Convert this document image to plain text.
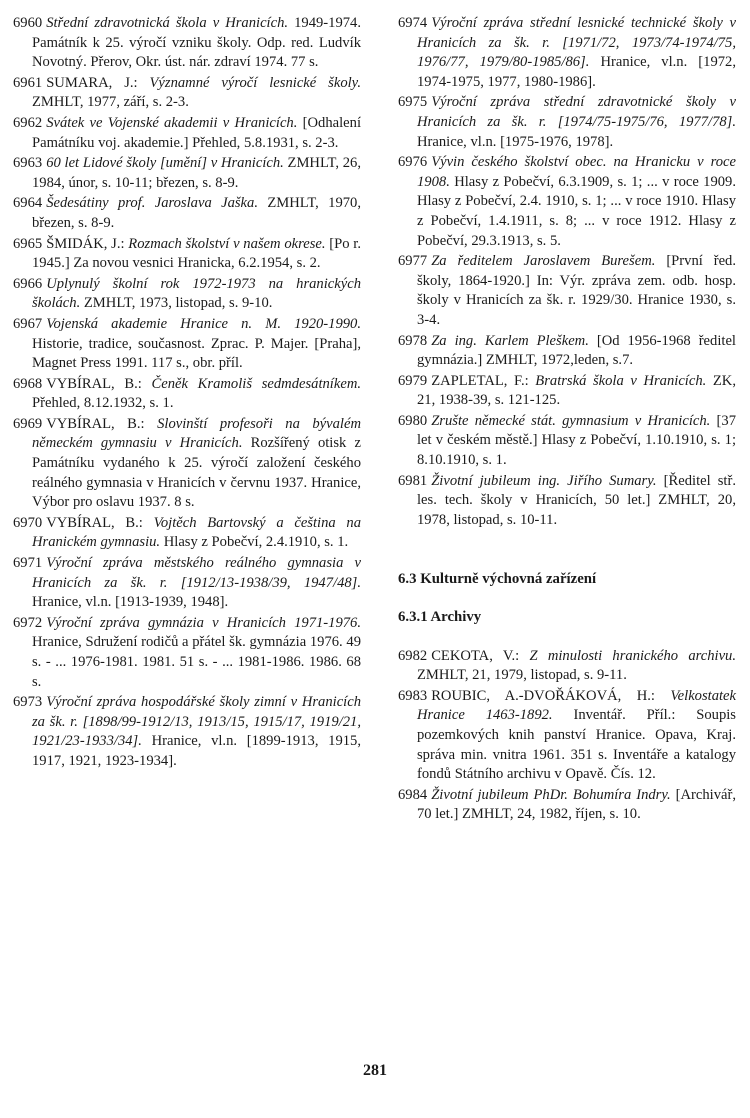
6960 Střední zdravotnická škola v Hranicích. 1949-1974. Památník k 25. výročí vzniku školy. Odp. red. Ludvík Novotný. Přerov, Okr. úst. nár. zdraví 1974. 77 s.

6961 SUMARA, J.: Významné výročí lesnické školy. ZMHLT, 1977, září, s. 2-3.

6962 Svátek ve Vojenské akademii v Hranicích. [Odhalení Památníku voj. akademie.] Přehled, 5.8.1931, s. 2-3.

6963 60 let Lidové školy [umění] v Hranicích. ZMHLT, 26, 1984, únor, s. 10-11; březen, s. 8-9.

6964 Šedesátiny prof. Jaroslava Jaška. ZMHLT, 1970, březen, s. 8-9.

6965 ŠMIDÁK, J.: Rozmach školství v našem okrese. [Po r. 1945.] Za novou vesnici Hranicka, 6.2.1954, s. 2.

6966 Uplynulý školní rok 1972-1973 na hranických školách. ZMHLT, 1973, listopad, s. 9-10.

6967 Vojenská akademie Hranice n. M. 1920-1990. Historie, tradice, současnost. Zprac. P. Majer. [Praha], Magnet Press 1991. 117 s., obr. příl.

6968 VYBÍRAL, B.: Čeněk Kramoliš sedmdesátníkem. Přehled, 8.12.1932, s. 1.

6969 VYBÍRAL, B.: Slovinští profesoři na bývalém německém gymnasiu v Hranicích. Rozšířený otisk z Památníku vydaného k 25. výročí založení českého reálného gymnasia v Hranicích v červnu 1937. Hranice, Výbor pro oslavu 1937. 8 s.

6970 VYBÍRAL, B.: Vojtěch Bartovský a čeština na Hranickém gymnasiu. Hlasy z Pobečví, 2.4.1910, s. 1.

6971 Výroční zpráva městského reálného gymnasia v Hranicích za šk. r. [1912/13-1938/39, 1947/48]. Hranice, vl.n. [1913-1939, 1948].

6972 Výroční zpráva gymnázia v Hranicích 1971-1976. Hranice, Sdružení rodičů a přátel šk. gymnázia 1976. 49 s. - ... 1976-1981. 1981. 51 s. - ... 1981-1986. 1986. 68 s.

6973 Výroční zpráva hospodářské školy zimní v Hranicích za šk. r. [1898/99-1912/13, 1913/15, 1915/17, 1919/21, 1921/23-1933/34]. Hranice, vl.n. [1899-1913, 1915, 1917, 1921, 1923-1934].

6974 Výroční zpráva střední lesnické technické školy v Hranicích za šk. r. [1971/72, 1973/74-1974/75, 1976/77, 1979/80-1985/86]. Hranice, vl.n. [1972, 1974-1975, 1977, 1980-1986].

6975 Výroční zpráva střední zdravotnické školy v Hranicích za šk. r. [1974/75-1975/76, 1977/78]. Hranice, vl.n. [1975-1976, 1978].

6976 Vývin českého školství obec. na Hranicku v roce 1908. Hlasy z Pobečví, 6.3.1909, s. 1; ... v roce 1909. Hlasy z Pobečví, 2.4. 1910, s. 1; ... v roce 1910. Hlasy z Pobečví, 1.4.1911, s. 8; ... v roce 1912. Hlasy z Pobečví, 29.3.1913, s. 5.

6977 Za ředitelem Jaroslavem Burešem. [První řed. školy, 1864-1920.] In: Výr. zpráva zem. odb. hosp. školy v Hranicích za šk. r. 1929/30. Hranice 1930, s. 3-4.

6978 Za ing. Karlem Pleškem. [Od 1956-1968 ředitel gymnázia.] ZMHLT, 1972,leden, s.7.

6979 ZAPLETAL, F.: Bratrská škola v Hranicích. ZK, 21, 1938-39, s. 121-125.

6980 Zrušte německé stát. gymnasium v Hranicích. [37 let v českém městě.] Hlasy z Pobečví, 1.10.1910, s. 1; 8.10.1910, s. 1.

6981 Životní jubileum ing. Jiřího Sumary. [Ředitel stř. les. tech. školy v Hranicích, 50 let.] ZMHLT, 20, 1978, listopad, s. 10-11.

6.3 Kulturně výchovná zařízení

6.3.1 Archivy

6982 CEKOTA, V.: Z minulosti hranického archivu. ZMHLT, 21, 1979, listopad, s. 9-11.

6983 ROUBIC, A.-DVOŘÁKOVÁ, H.: Velkostatek Hranice 1463-1892. Inventář. Příl.: Soupis pozemkových knih panství Hranice. Opava, Kraj. správa min. vnitra 1961. 351 s. Inventáře a katalogy fondů Státního archivu v Opavě. Čís. 12.

6984 Životní jubileum PhDr. Bohumíra Indry. [Archivář, 70 let.] ZMHLT, 24, 1982, říjen, s. 10.

281
